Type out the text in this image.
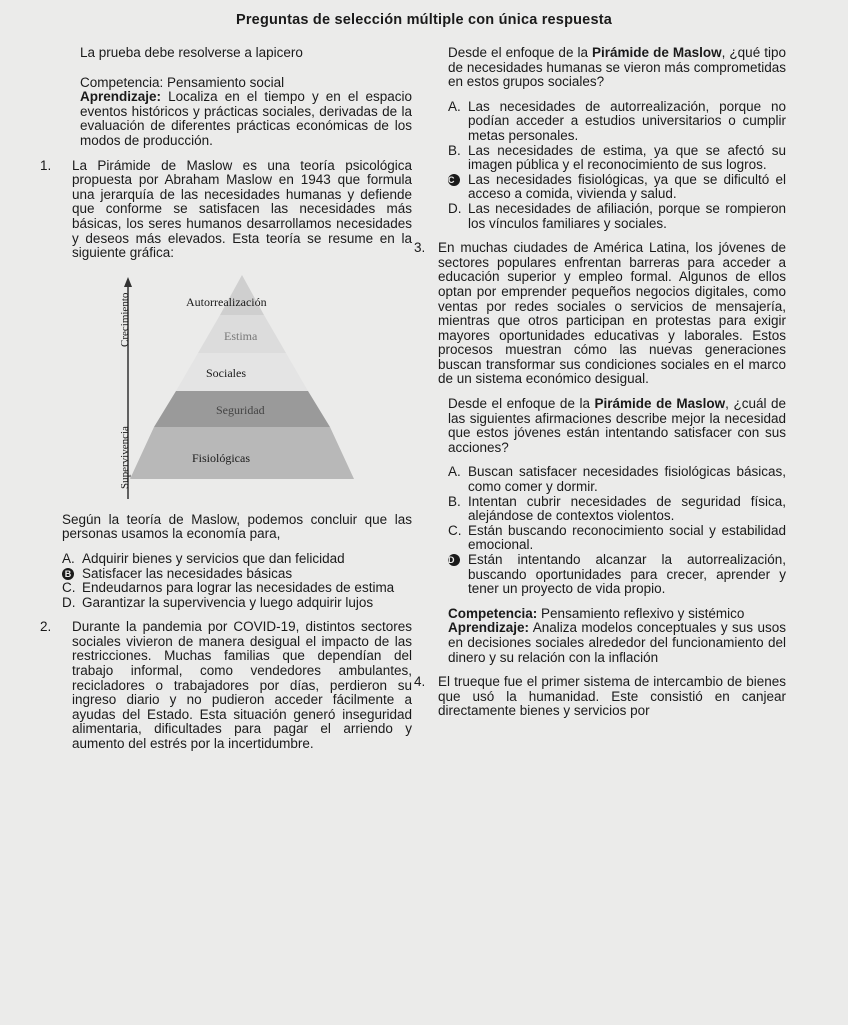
Preguntas de selección múltiple con única respuesta

La prueba debe resolverse a lapicero

Competencia: Pensamiento social

Aprendizaje: Localiza en el tiempo y en el espacio eventos históricos y prácticas sociales, derivadas de la evaluación de diferentes prácticas económicas de los modos de producción.

1. La Pirámide de Maslow es una teoría psicológica propuesta por Abraham Maslow en 1943 que formula una jerarquía de las necesidades humanas y defiende que conforme se satisfacen las necesidades más básicas, los seres humanos desarrollamos necesidades y deseos más elevados. Esta teoría se resume en la siguiente gráfica:
Crecimiento
Supervivencia
Autorrealización
Estima
Sociales
Seguridad
Fisiológicas

Según la teoría de Maslow, podemos concluir que las personas usamos la economía para,

A. Adquirir bienes y servicios que dan felicidad
B Satisfacer las necesidades básicas
C. Endeudarnos para lograr las necesidades de estima
D. Garantizar la supervivencia y luego adquirir lujos
2. Durante la pandemia por COVID-19, distintos sectores sociales vivieron de manera desigual el impacto de las restricciones. Muchas familias que dependían del trabajo informal, como vendedores ambulantes, recicladores o trabajadores por días, perdieron su ingreso diario y no pudieron acceder fácilmente a ayudas del Estado. Esta situación generó inseguridad alimentaria, dificultades para pagar el arriendo y aumento del estrés por la incertidumbre.

Desde el enfoque de la Pirámide de Maslow, ¿qué tipo de necesidades humanas se vieron más comprometidas en estos grupos sociales?

A. Las necesidades de autorrealización, porque no podían acceder a estudios universitarios o cumplir metas personales.
B. Las necesidades de estima, ya que se afectó su imagen pública y el reconocimiento de sus logros.
C	Las necesidades fisiológicas, ya que se dificultó el acceso a comida, vivienda y salud.
D. Las necesidades de afiliación, porque se rompieron los vínculos familiares y sociales.
3. En muchas ciudades de América Latina, los jóvenes de sectores populares enfrentan barreras para acceder a educación superior y empleo formal. Algunos de ellos optan por emprender pequeños negocios digitales, como ventas por redes sociales o servicios de mensajería, mientras que otros participan en protestas para exigir mayores oportunidades educativas y laborales. Estos procesos muestran cómo las nuevas generaciones buscan transformar sus condiciones sociales en el marco de un sistema económico desigual.

Desde el enfoque de la Pirámide de Maslow, ¿cuál de las siguientes afirmaciones describe mejor la necesidad que estos jóvenes están intentando satisfacer con sus acciones?

A. Buscan satisfacer necesidades fisiológicas básicas, como comer y dormir.
B. Intentan cubrir necesidades de seguridad física, alejándose de contextos violentos.
C. Están buscando reconocimiento social y estabilidad emocional.
D	Están intentando alcanzar la autorrealización, buscando oportunidades para crecer, aprender y tener un proyecto de vida propio.

Competencia: Pensamiento reflexivo y sistémico

Aprendizaje: Analiza modelos conceptuales y sus usos en decisiones sociales alrededor del funcionamiento del dinero y su relación con la inflación

4. El trueque fue el primer sistema de intercambio de bienes que usó la humanidad. Este consistió en canjear directamente bienes y servicios por
